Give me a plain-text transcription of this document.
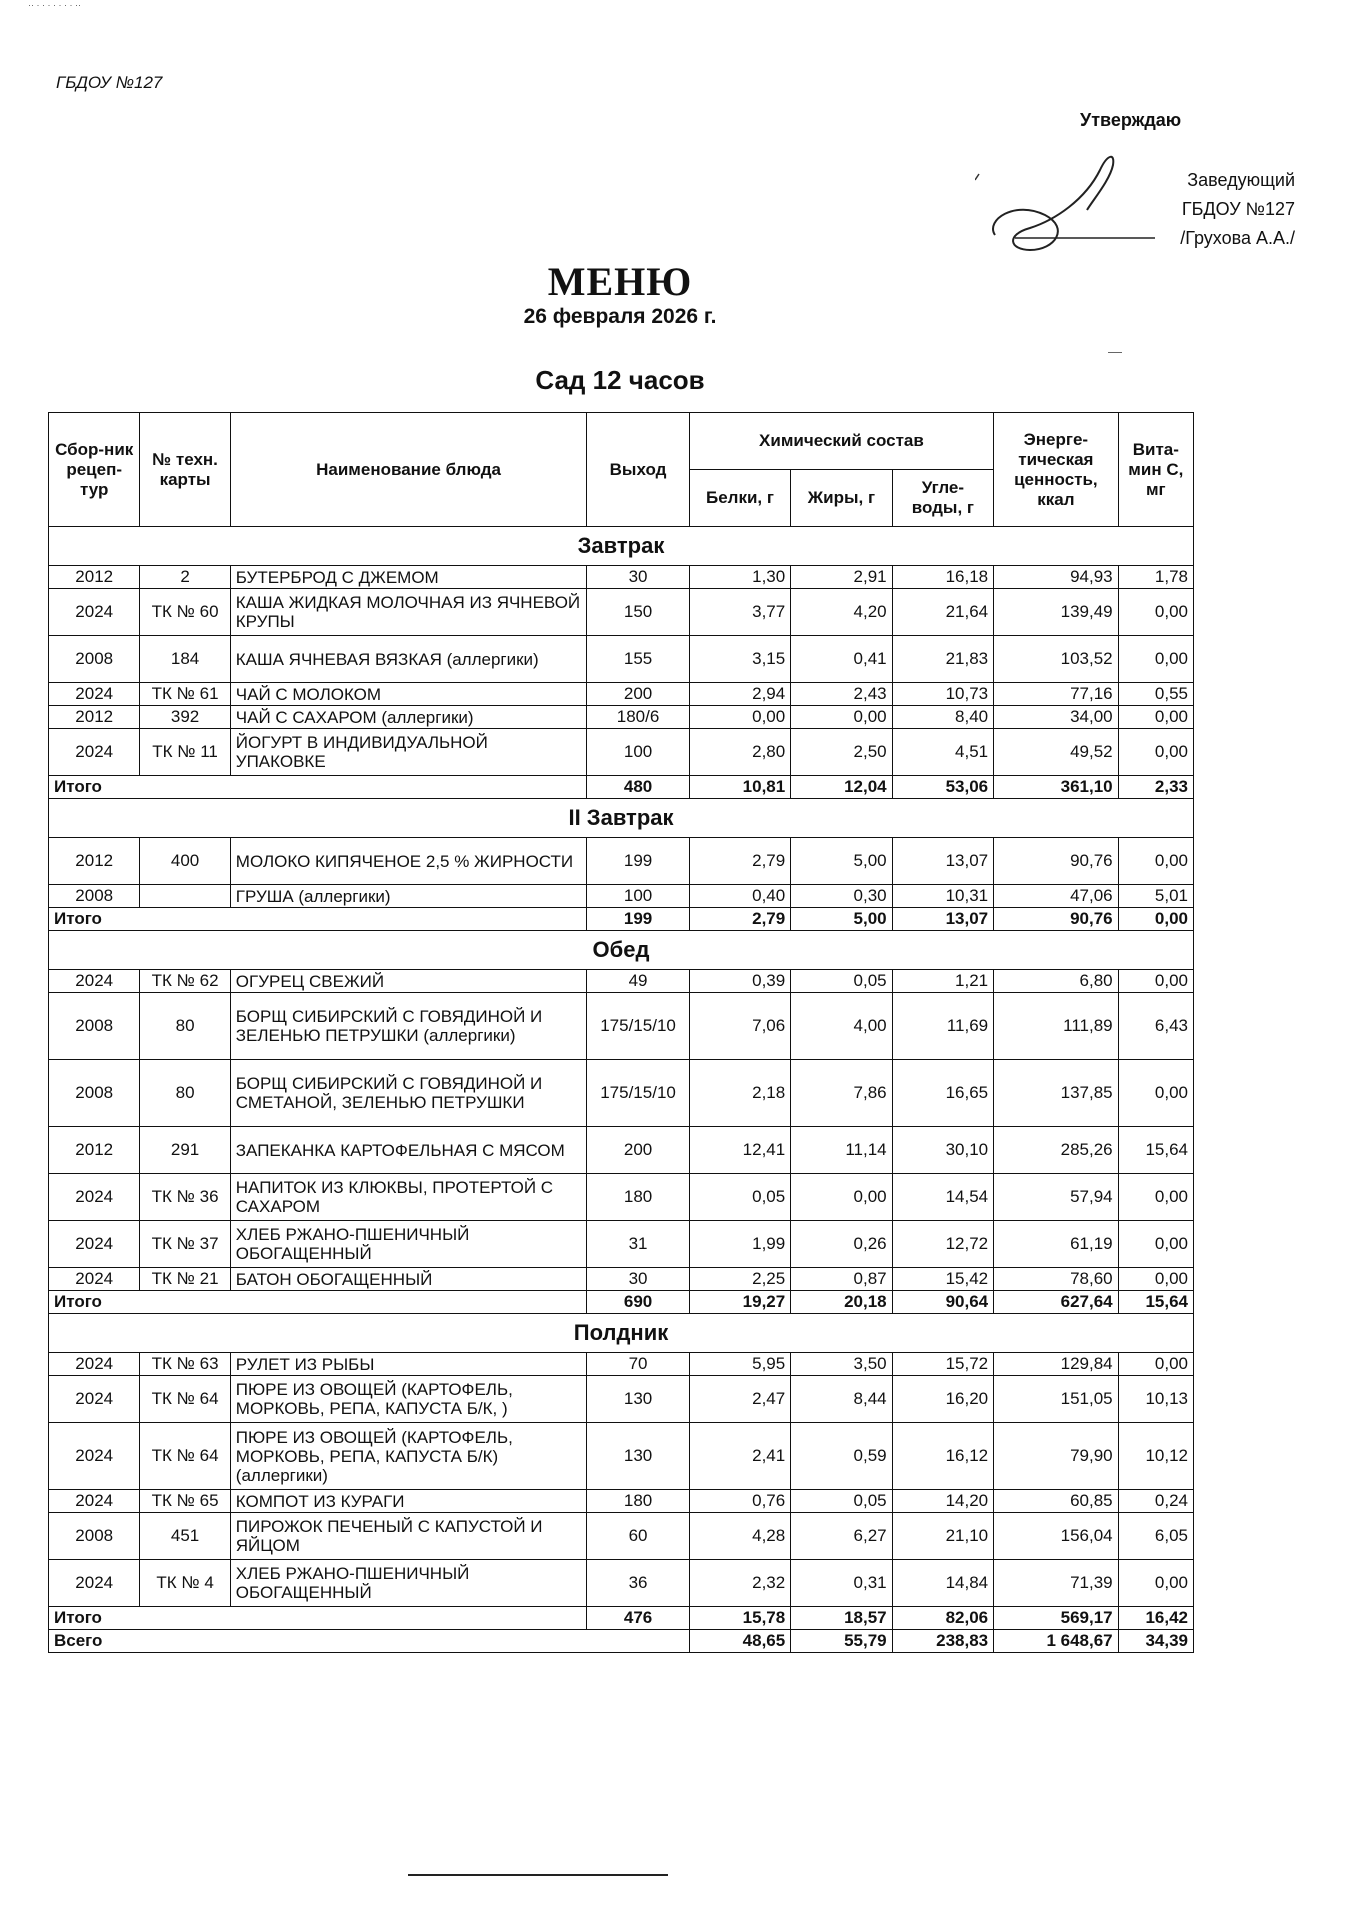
·· · · · · · · · ··
ГБДОУ №127
Утверждаю
Заведующий
ГБДОУ №127
/Грухова А.А./
МЕНЮ
26 февраля 2026 г.
Сад 12 часов
Сбор-ник рецеп-тур	№ техн. карты	Наименование блюда	Выход	Химический состав			Энерге-тическая ценность, ккал	Вита-мин С, мг
				Белки, г	Жиры, г	Угле-воды, г		
Завтрак								
2012	2	БУТЕРБРОД С ДЖЕМОМ	30	1,30	2,91	16,18	94,93	1,78
2024	ТК № 60	КАША ЖИДКАЯ МОЛОЧНАЯ ИЗ ЯЧНЕВОЙ КРУПЫ	150	3,77	4,20	21,64	139,49	0,00
2008	184	КАША ЯЧНЕВАЯ ВЯЗКАЯ (аллергики)	155	3,15	0,41	21,83	103,52	0,00
2024	ТК № 61	ЧАЙ С МОЛОКОМ	200	2,94	2,43	10,73	77,16	0,55
2012	392	ЧАЙ С САХАРОМ (аллергики)	180/6	0,00	0,00	8,40	34,00	0,00
2024	ТК № 11	ЙОГУРТ В ИНДИВИДУАЛЬНОЙ УПАКОВКЕ	100	2,80	2,50	4,51	49,52	0,00
Итого			480	10,81	12,04	53,06	361,10	2,33
II Завтрак								
2012	400	МОЛОКО КИПЯЧЕНОЕ 2,5 % ЖИРНОСТИ	199	2,79	5,00	13,07	90,76	0,00
2008		ГРУША (аллергики)	100	0,40	0,30	10,31	47,06	5,01
Итого			199	2,79	5,00	13,07	90,76	0,00
Обед								
2024	ТК № 62	ОГУРЕЦ СВЕЖИЙ	49	0,39	0,05	1,21	6,80	0,00
2008	80	БОРЩ СИБИРСКИЙ С ГОВЯДИНОЙ И ЗЕЛЕНЬЮ ПЕТРУШКИ (аллергики)	175/15/10	7,06	4,00	11,69	111,89	6,43
2008	80	БОРЩ СИБИРСКИЙ С ГОВЯДИНОЙ И СМЕТАНОЙ, ЗЕЛЕНЬЮ ПЕТРУШКИ	175/15/10	2,18	7,86	16,65	137,85	0,00
2012	291	ЗАПЕКАНКА КАРТОФЕЛЬНАЯ С МЯСОМ	200	12,41	11,14	30,10	285,26	15,64
2024	ТК № 36	НАПИТОК ИЗ КЛЮКВЫ, ПРОТЕРТОЙ С САХАРОМ	180	0,05	0,00	14,54	57,94	0,00
2024	ТК № 37	ХЛЕБ РЖАНО-ПШЕНИЧНЫЙ ОБОГАЩЕННЫЙ	31	1,99	0,26	12,72	61,19	0,00
2024	ТК № 21	БАТОН ОБОГАЩЕННЫЙ	30	2,25	0,87	15,42	78,60	0,00
Итого			690	19,27	20,18	90,64	627,64	15,64
Полдник								
2024	ТК № 63	РУЛЕТ ИЗ РЫБЫ	70	5,95	3,50	15,72	129,84	0,00
2024	ТК № 64	ПЮРЕ ИЗ ОВОЩЕЙ (КАРТОФЕЛЬ, МОРКОВЬ, РЕПА, КАПУСТА Б/К, )	130	2,47	8,44	16,20	151,05	10,13
2024	ТК № 64	ПЮРЕ ИЗ ОВОЩЕЙ (КАРТОФЕЛЬ, МОРКОВЬ, РЕПА, КАПУСТА Б/К) (аллергики)	130	2,41	0,59	16,12	79,90	10,12
2024	ТК № 65	КОМПОТ ИЗ КУРАГИ	180	0,76	0,05	14,20	60,85	0,24
2008	451	ПИРОЖОК ПЕЧЕНЫЙ С КАПУСТОЙ И ЯЙЦОМ	60	4,28	6,27	21,10	156,04	6,05
2024	ТК № 4	ХЛЕБ РЖАНО-ПШЕНИЧНЫЙ ОБОГАЩЕННЫЙ	36	2,32	0,31	14,84	71,39	0,00
Итого			476	15,78	18,57	82,06	569,17	16,42
Всего				48,65	55,79	238,83	1 648,67	34,39
